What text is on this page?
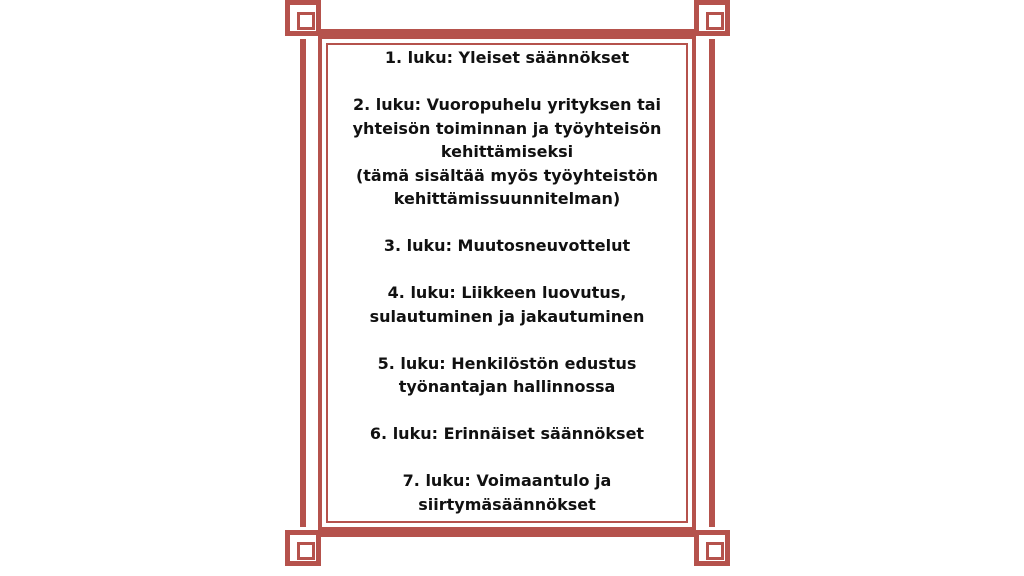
1. luku: Yleiset säännökset
2. luku: Vuoropuhelu yrityksen tai
yhteisön toiminnan ja työyhteisön
kehittämiseksi
(tämä sisältää myös työyhteistön
kehittämissuunnitelman)
3. luku: Muutosneuvottelut
4. luku: Liikkeen luovutus,
sulautuminen ja jakautuminen
5. luku: Henkilöstön edustus
työnantajan hallinnossa
6. luku: Erinnäiset säännökset
7. luku: Voimaantulo ja
siirtymäsäännökset
